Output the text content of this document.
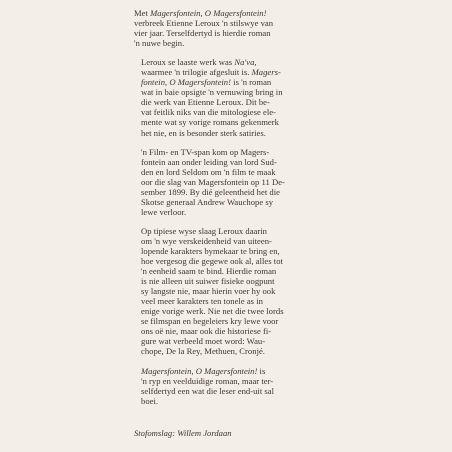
Met Magersfontein, O Magersfontein!
verbreek Etienne Leroux 'n stilswye van
vier jaar. Terselfdertyd is hierdie roman
'n nuwe begin.

Leroux se laaste werk was Na'va,
waarmee 'n trilogie afgesluit is. Magers-
fontein, O Magersfontein! is 'n roman
wat in baie opsigte 'n vernuwing bring in
die werk van Etienne Leroux. Dit be-
vat feitlik niks van die mitologiese ele-
mente wat sy vorige romans gekenmerk
het nie, en is besonder sterk satiries.

'n Film- en TV-span kom op Magers-
fontein aan onder leiding van lord Sud-
den en lord Seldom om 'n film te maak
oor die slag van Magersfontein op 11 De-
sember 1899. By dié geleentheid het die
Skotse generaal Andrew Wauchope sy
lewe verloor.

Op tipiese wyse slaag Leroux daarin
om 'n wye verskeidenheid van uiteen-
lopende karakters bymekaar te bring en,
hoe vergesog die gegewe ook al, alles tot
'n eenheid saam te bind. Hierdie roman
is nie alleen uit suiwer fisieke oogpunt
sy langste nie, maar hierin voer hy ook
veel meer karakters ten tonele as in
enige vorige werk. Nie net die twee lords
se filmspan en begeleiers kry lewe voor
ons oë nie, maar ook die historiese fi-
gure wat verbeeld moet word: Wau-
chope, De la Rey, Methuen, Cronjé.

Magersfontein, O Magersfontein! is
'n ryp en veelduidige roman, maar ter-
selfdertyd een wat die leser end-uit sal
boei.

Stofomslag: Willem Jordaan
